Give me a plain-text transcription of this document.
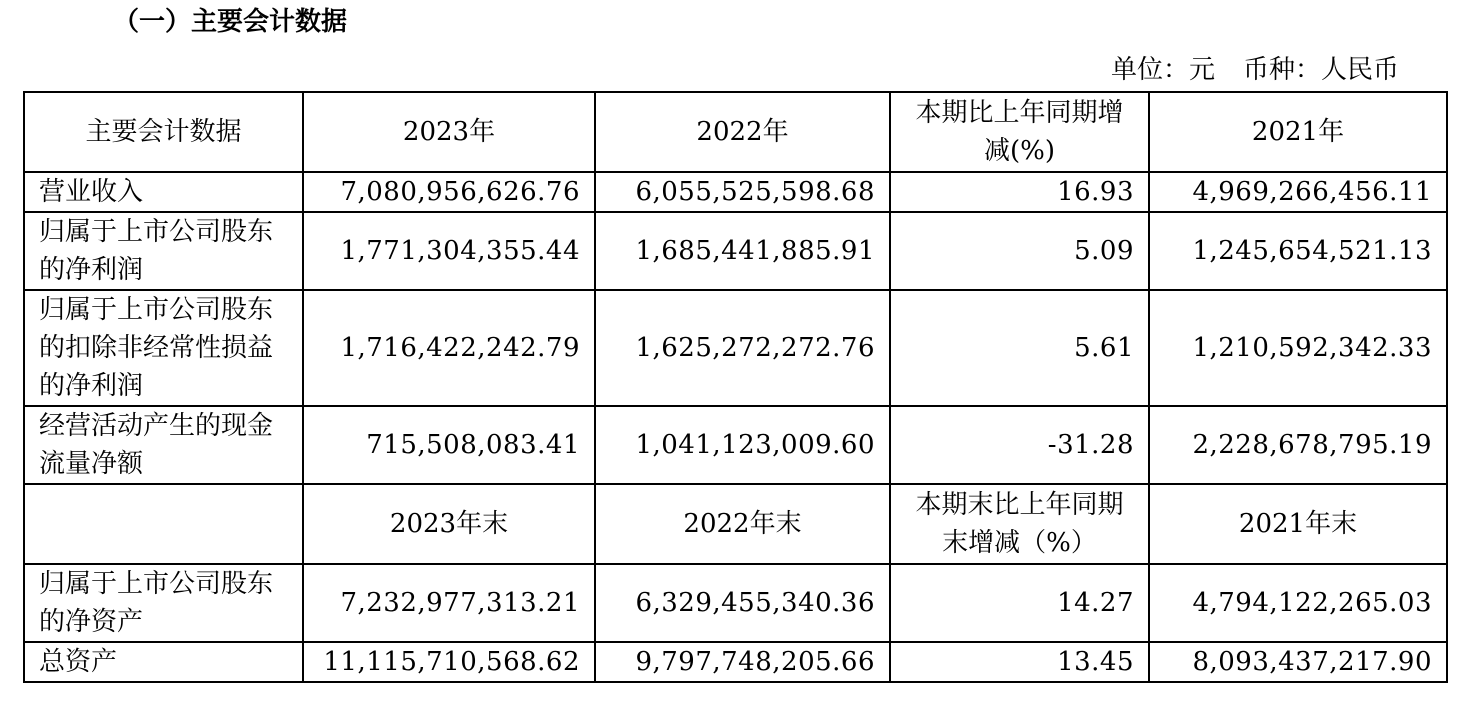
（一）主要会计数据
单位：元 币种：人民币
主要会计数据	2023年	2022年	本期比上年同期增减(%)	2021年
营业收入	7,080,956,626.76	6,055,525,598.68	16.93	4,969,266,456.11
归属于上市公司股东的净利润	1,771,304,355.44	1,685,441,885.91	5.09	1,245,654,521.13
归属于上市公司股东的扣除非经常性损益的净利润	1,716,422,242.79	1,625,272,272.76	5.61	1,210,592,342.33
经营活动产生的现金流量净额	715,508,083.41	1,041,123,009.60	-31.28	2,228,678,795.19
	2023年末	2022年末	本期末比上年同期末增减（%）	2021年末
归属于上市公司股东的净资产	7,232,977,313.21	6,329,455,340.36	14.27	4,794,122,265.03
总资产	11,115,710,568.62	9,797,748,205.66	13.45	8,093,437,217.90
